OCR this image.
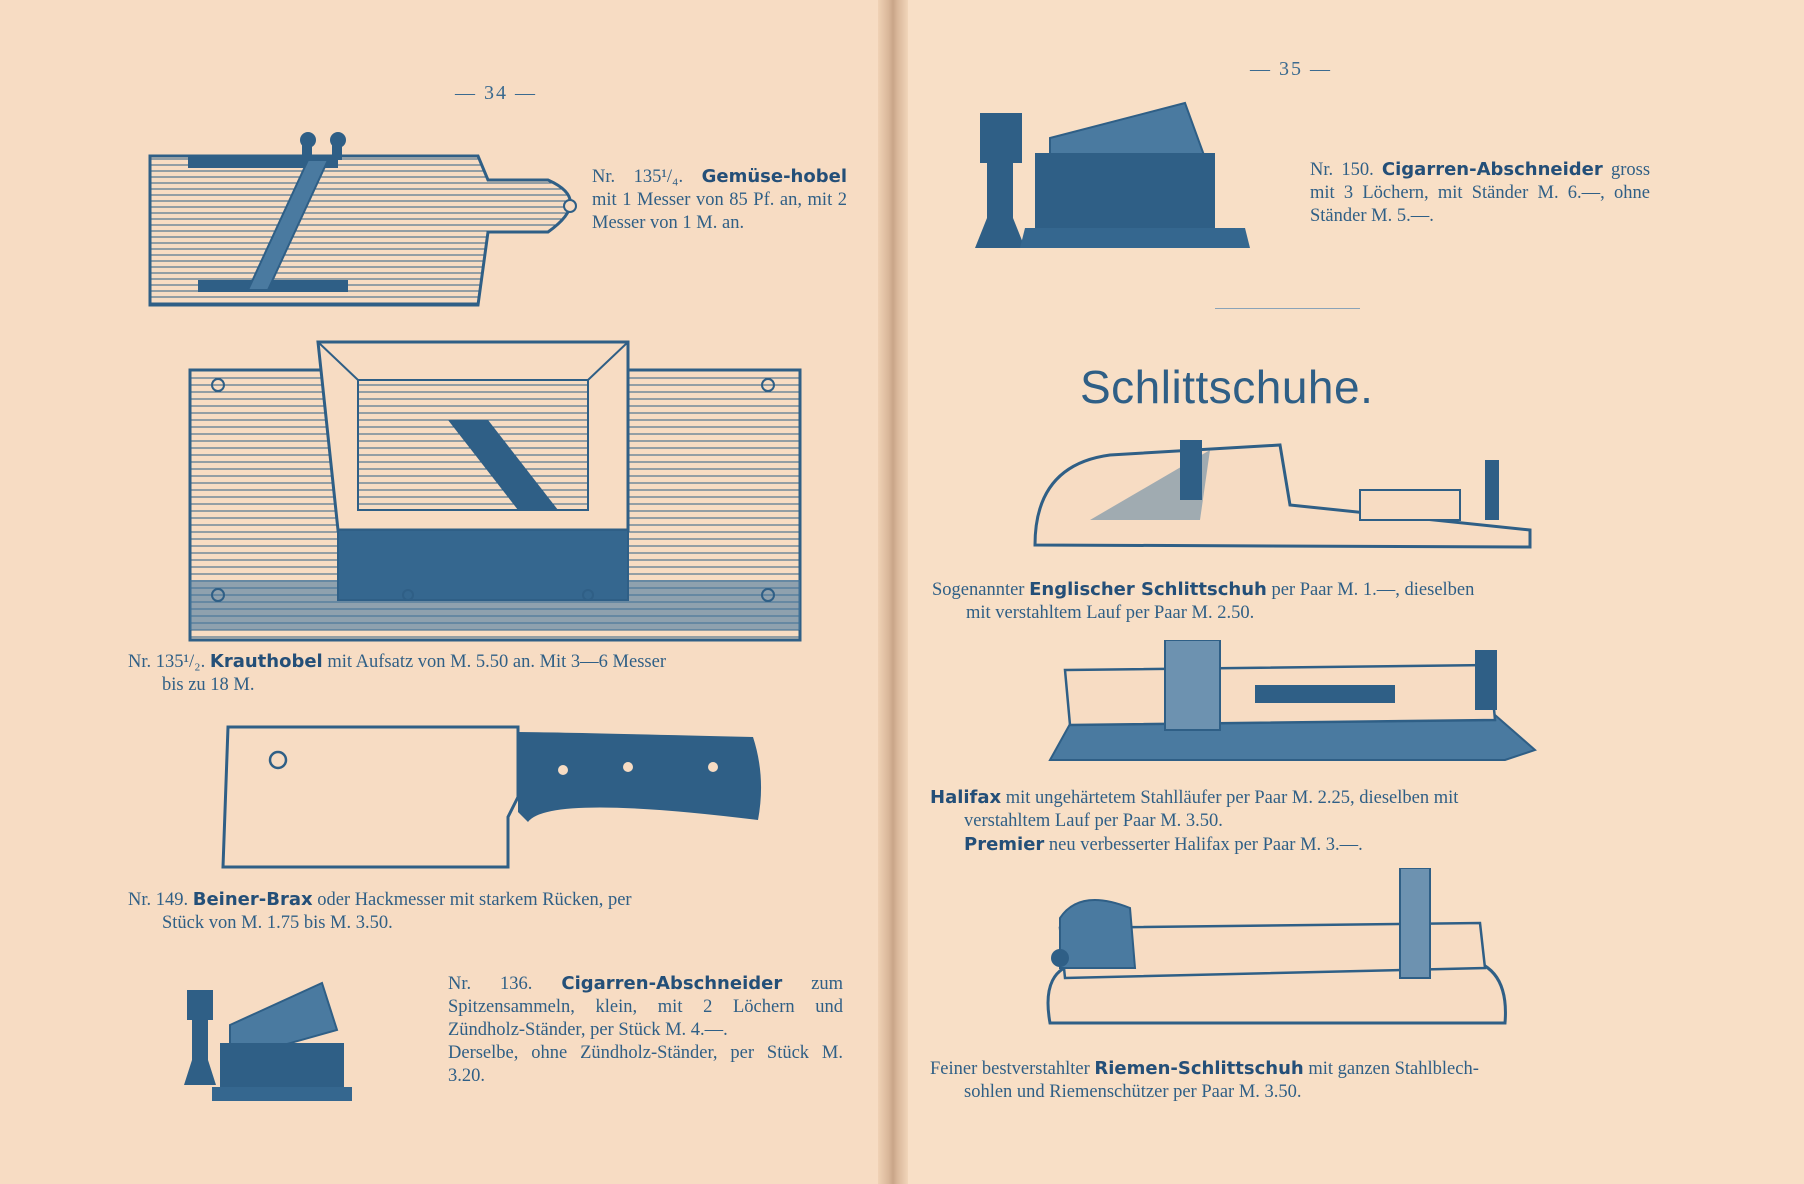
— 34 —
Nr. 135¹/₄. Gemüse-hobel mit 1 Messer von 85 Pf. an, mit 2 Messer von 1 M. an.
Nr. 135¹/₂. Krauthobel mit Aufsatz von M. 5.50 an. Mit 3—6 Messer
bis zu 18 M.
Nr. 149. Beiner-Brax oder Hackmesser mit starkem Rücken, per
Stück von M. 1.75 bis M. 3.50.
Nr. 136. Cigarren-Abschneider zum Spitzensammeln, klein, mit 2 Löchern und Zündholz-Ständer, per Stück M. 4.—.
Derselbe, ohne Zündholz-Ständer, per Stück M. 3.20.
— 35 —
Nr. 150. Cigarren-Abschneider gross mit 3 Löchern, mit Ständer M. 6.—, ohne Ständer M. 5.—.
Schlittschuhe.
Sogenannter Englischer Schlittschuh per Paar M. 1.—, dieselben
mit verstahltem Lauf per Paar M. 2.50.
Halifax mit ungehärtetem Stahlläufer per Paar M. 2.25, dieselben mit
verstahltem Lauf per Paar M. 3.50.
Premier neu verbesserter Halifax per Paar M. 3.—.
Feiner bestverstahlter Riemen-Schlittschuh mit ganzen Stahlblech-
sohlen und Riemenschützer per Paar M. 3.50.
